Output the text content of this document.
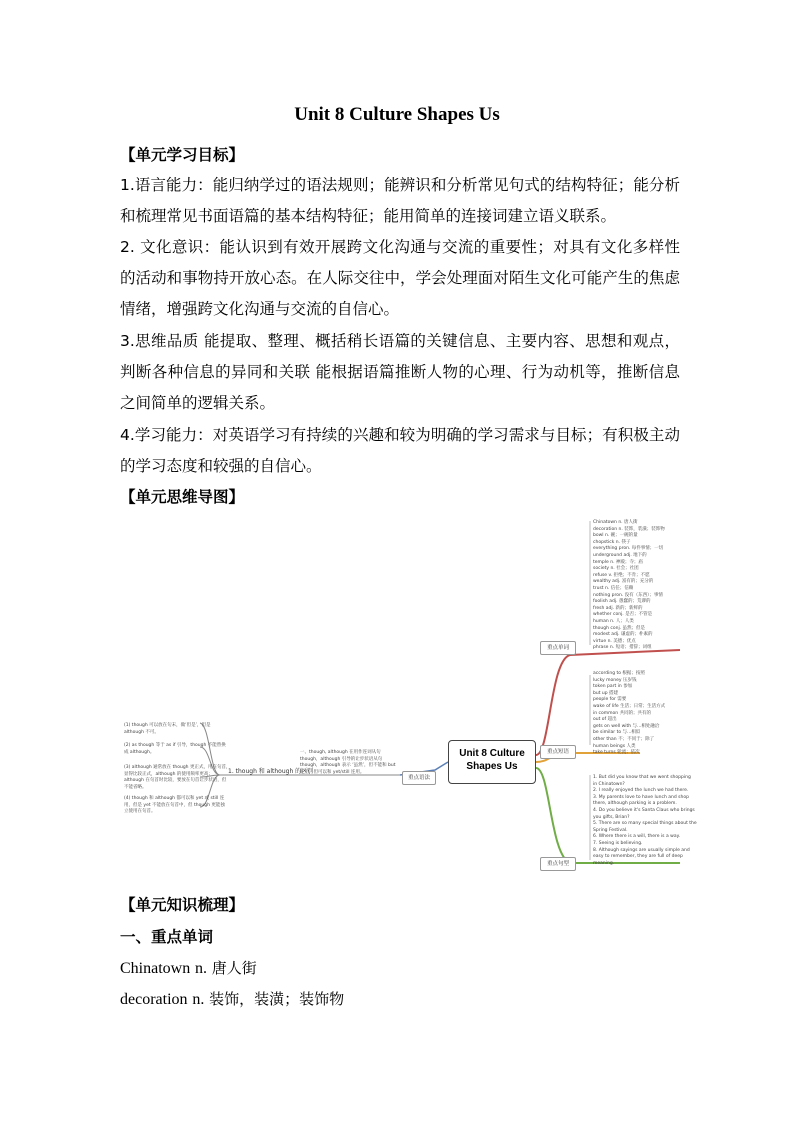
Unit 8 Culture Shapes Us
【单元学习目标】
1.语言能力：能归纳学过的语法规则；能辨识和分析常见句式的结构特征；能分析和梳理常见书面语篇的基本结构特征；能用简单的连接词建立语义联系。
2. 文化意识：能认识到有效开展跨文化沟通与交流的重要性；对具有文化多样性的活动和事物持开放心态。在人际交往中，学会处理面对陌生文化可能产生的焦虑情绪，增强跨文化沟通与交流的自信心。
3.思维品质 能提取、整理、概括稍长语篇的关键信息、主要内容、思想和观点，判断各种信息的异同和关联 能根据语篇推断人物的心理、行为动机等，推断信息之间简单的逻辑关系。
4.学习能力：对英语学习有持续的兴趣和较为明确的学习需求与目标；有积极主动的学习态度和较强的自信心。
【单元思维导图】
Unit 8 Culture Shapes Us
重点单词
重点短语
重点句型
重点语法
1. though 和 although 的区别
一、though, although 在用作连词从句
though，although 引导的让步状语从句
though，although 表示 ‘虽然’，但不能和 but
连用，但可以和 yet/still 连用。
(1) though 可以放在句末，做‘但是’，但是
although 不可。
(2) as though 等于 as if 引导，though 不能替换
成 although。
(3) although 通常放在 though 更正式，用在句首，
显得比较正式，although 的使用频率更高；
although 在句首时比较，要放在句首让步状语，但
不能省略。
(4) though 和 although 都可以和 yet 或 still 连
用，但是 yet 不能放在句首中，但 though 更能独
立使用在句首。
Chinatown n. 唐人街
decoration n. 装饰，装潢；装饰物
bowl n. 碗；一碗的量
chopstick n. 筷子
everything pron. 每件事情；一切
underground adj. 地下的
temple n. 神殿；寺；庙
society n. 社会；社团
refuse v. 拒绝；不肯；不愿
wealthy adj. 富有的；充分的
trust n. 信任；信赖
nothing pron. 没有（东西）；事情
foolish adj. 愚蠢的；荒谬的
fresh adj. 新的；新鲜的
whether conj. 是否；不管是
human n. 人；人类
though conj. 虽然；但是
modest adj. 谦虚的；朴素的
virtue n. 美德；优点
phrase n. 短语；措辞；词组
according to 根据；按照
lucky money 压岁钱
token part in 参加
but up 搭建
people for 需要
wake of life 生活；日常；生活方式
in common 共同的；共有的
out of 超出
gets on well with 与...相处融洽
be similar to 与...相似
other than 不；不同于；除了
human beings 人类
take turns 轮流；依次
1. But did you know that we went shopping
in Chinatown?
2. I really enjoyed the lunch we had there.
3. My parents love to have lunch and shop
there, although parking is a problem.
4. Do you believe it's Santa Claus who brings
you gifts, Brian?
5. There are so many special things about the
Spring Festival.
6. Where there is a will, there is a way.
7. Seeing is believing.
8. Although sayings are usually simple and
easy to remember, they are full of deep
meaning.
【单元知识梳理】
一、重点单词
Chinatown n. 唐人街
decoration n. 装饰，装潢；装饰物
